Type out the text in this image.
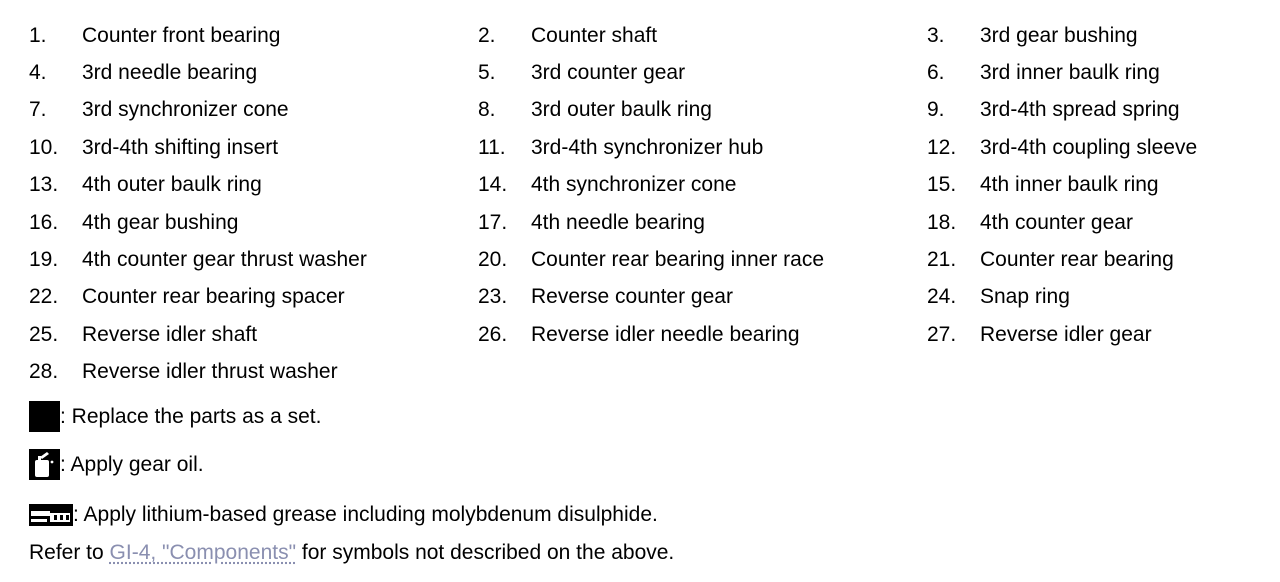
1.	Counter front bearing	2.	Counter shaft	3.	3rd gear bushing
4.	3rd needle bearing	5.	3rd counter gear	6.	3rd inner baulk ring
7.	3rd synchronizer cone	8.	3rd outer baulk ring	9.	3rd-4th spread spring
10.	3rd-4th shifting insert	11.	3rd-4th synchronizer hub	12.	3rd-4th coupling sleeve
13.	4th outer baulk ring	14.	4th synchronizer cone	15.	4th inner baulk ring
16.	4th gear bushing	17.	4th needle bearing	18.	4th counter gear
19.	4th counter gear thrust washer	20.	Counter rear bearing inner race	21.	Counter rear bearing
22.	Counter rear bearing spacer	23.	Reverse counter gear	24.	Snap ring
25.	Reverse idler shaft	26.	Reverse idler needle bearing	27.	Reverse idler gear
28.	Reverse idler thrust washer
: Replace the parts as a set.
: Apply gear oil.
: Apply lithium-based grease including molybdenum disulphide.
Refer to GI-4, "Components" for symbols not described on the above.
